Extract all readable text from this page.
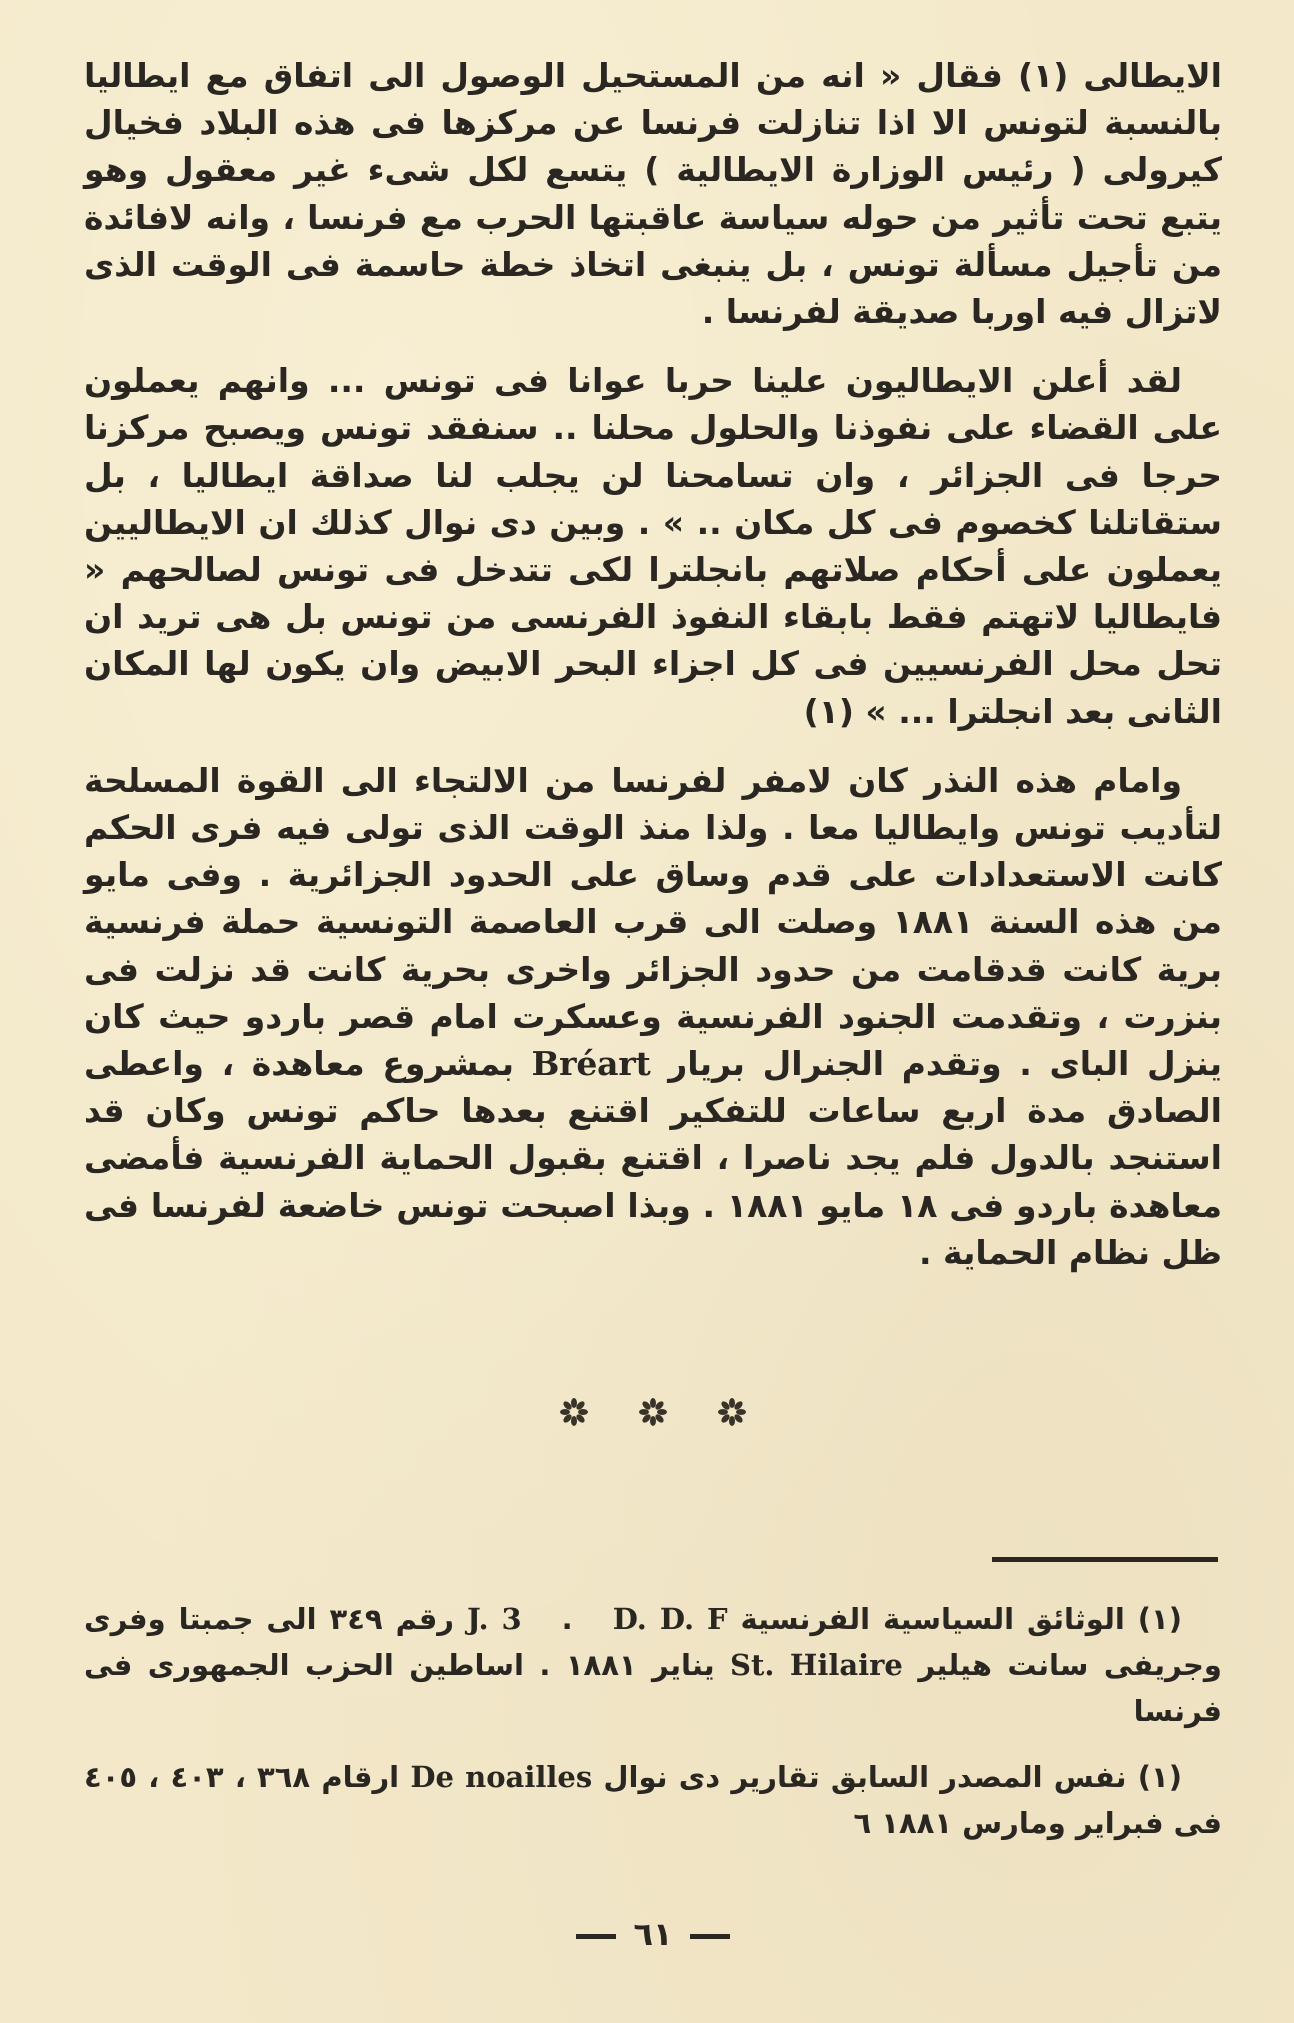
الايطالى (١) فقال « انه من المستحيل الوصول الى اتفاق مع ايطاليا بالنسبة لتونس الا اذا تنازلت فرنسا عن مركزها فى هذه البلاد فخيال كيرولى ( رئيس الوزارة الايطالية ) يتسع لكل شىء غير معقول وهو يتبع تحت تأثير من حوله سياسة عاقبتها الحرب مع فرنسا ، وانه لافائدة من تأجيل مسألة تونس ، بل ينبغى اتخاذ خطة حاسمة فى الوقت الذى لاتزال فيه اوربا صديقة لفرنسا .

لقد أعلن الايطاليون علينا حربا عوانا فى تونس ... وانهم يعملون على القضاء على نفوذنا والحلول محلنا .. سنفقد تونس ويصبح مركزنا حرجا فى الجزائر ، وان تسامحنا لن يجلب لنا صداقة ايطاليا ، بل ستقاتلنا كخصوم فى كل مكان .. » . وبين دى نوال كذلك ان الايطاليين يعملون على أحكام صلاتهم بانجلترا لكى تتدخل فى تونس لصالحهم « فايطاليا لاتهتم فقط بابقاء النفوذ الفرنسى من تونس بل هى تريد ان تحل محل الفرنسيين فى كل اجزاء البحر الابيض وان يكون لها المكان الثانى بعد انجلترا ... » (١)

وامام هذه النذر كان لامفر لفرنسا من الالتجاء الى القوة المسلحة لتأديب تونس وايطاليا معا . ولذا منذ الوقت الذى تولى فيه فرى الحكم كانت الاستعدادات على قدم وساق على الحدود الجزائرية . وفى مايو من هذه السنة ١٨٨١ وصلت الى قرب العاصمة التونسية حملة فرنسية برية كانت قدقامت من حدود الجزائر واخرى بحرية كانت قد نزلت فى بنزرت ، وتقدمت الجنود الفرنسية وعسكرت امام قصر باردو حيث كان ينزل الباى . وتقدم الجنرال بريار Bréart بمشروع معاهدة ، واعطى الصادق مدة اربع ساعات للتفكير اقتنع بعدها حاكم تونس وكان قد استنجد بالدول فلم يجد ناصرا ، اقتنع بقبول الحماية الفرنسية فأمضى معاهدة باردو فى ١٨ مايو ١٨٨١ . وبذا اصبحت تونس خاضعة لفرنسا فى ظل نظام الحماية .

(١) الوثائق السياسية الفرنسية D. D. F.J. 3 رقم ٣٤٩ الى جمبتا وفرى وجريفى سانت هيلير St. Hilaire يناير ١٨٨١ . اساطين الحزب الجمهورى فى فرنسا

(١) نفس المصدر السابق تقارير دى نوال De noailles ارقام ٣٦٨ ، ٤٠٣ ، ٤٠٥ فى فبراير ومارس ١٨٨١ ٦

٦١
